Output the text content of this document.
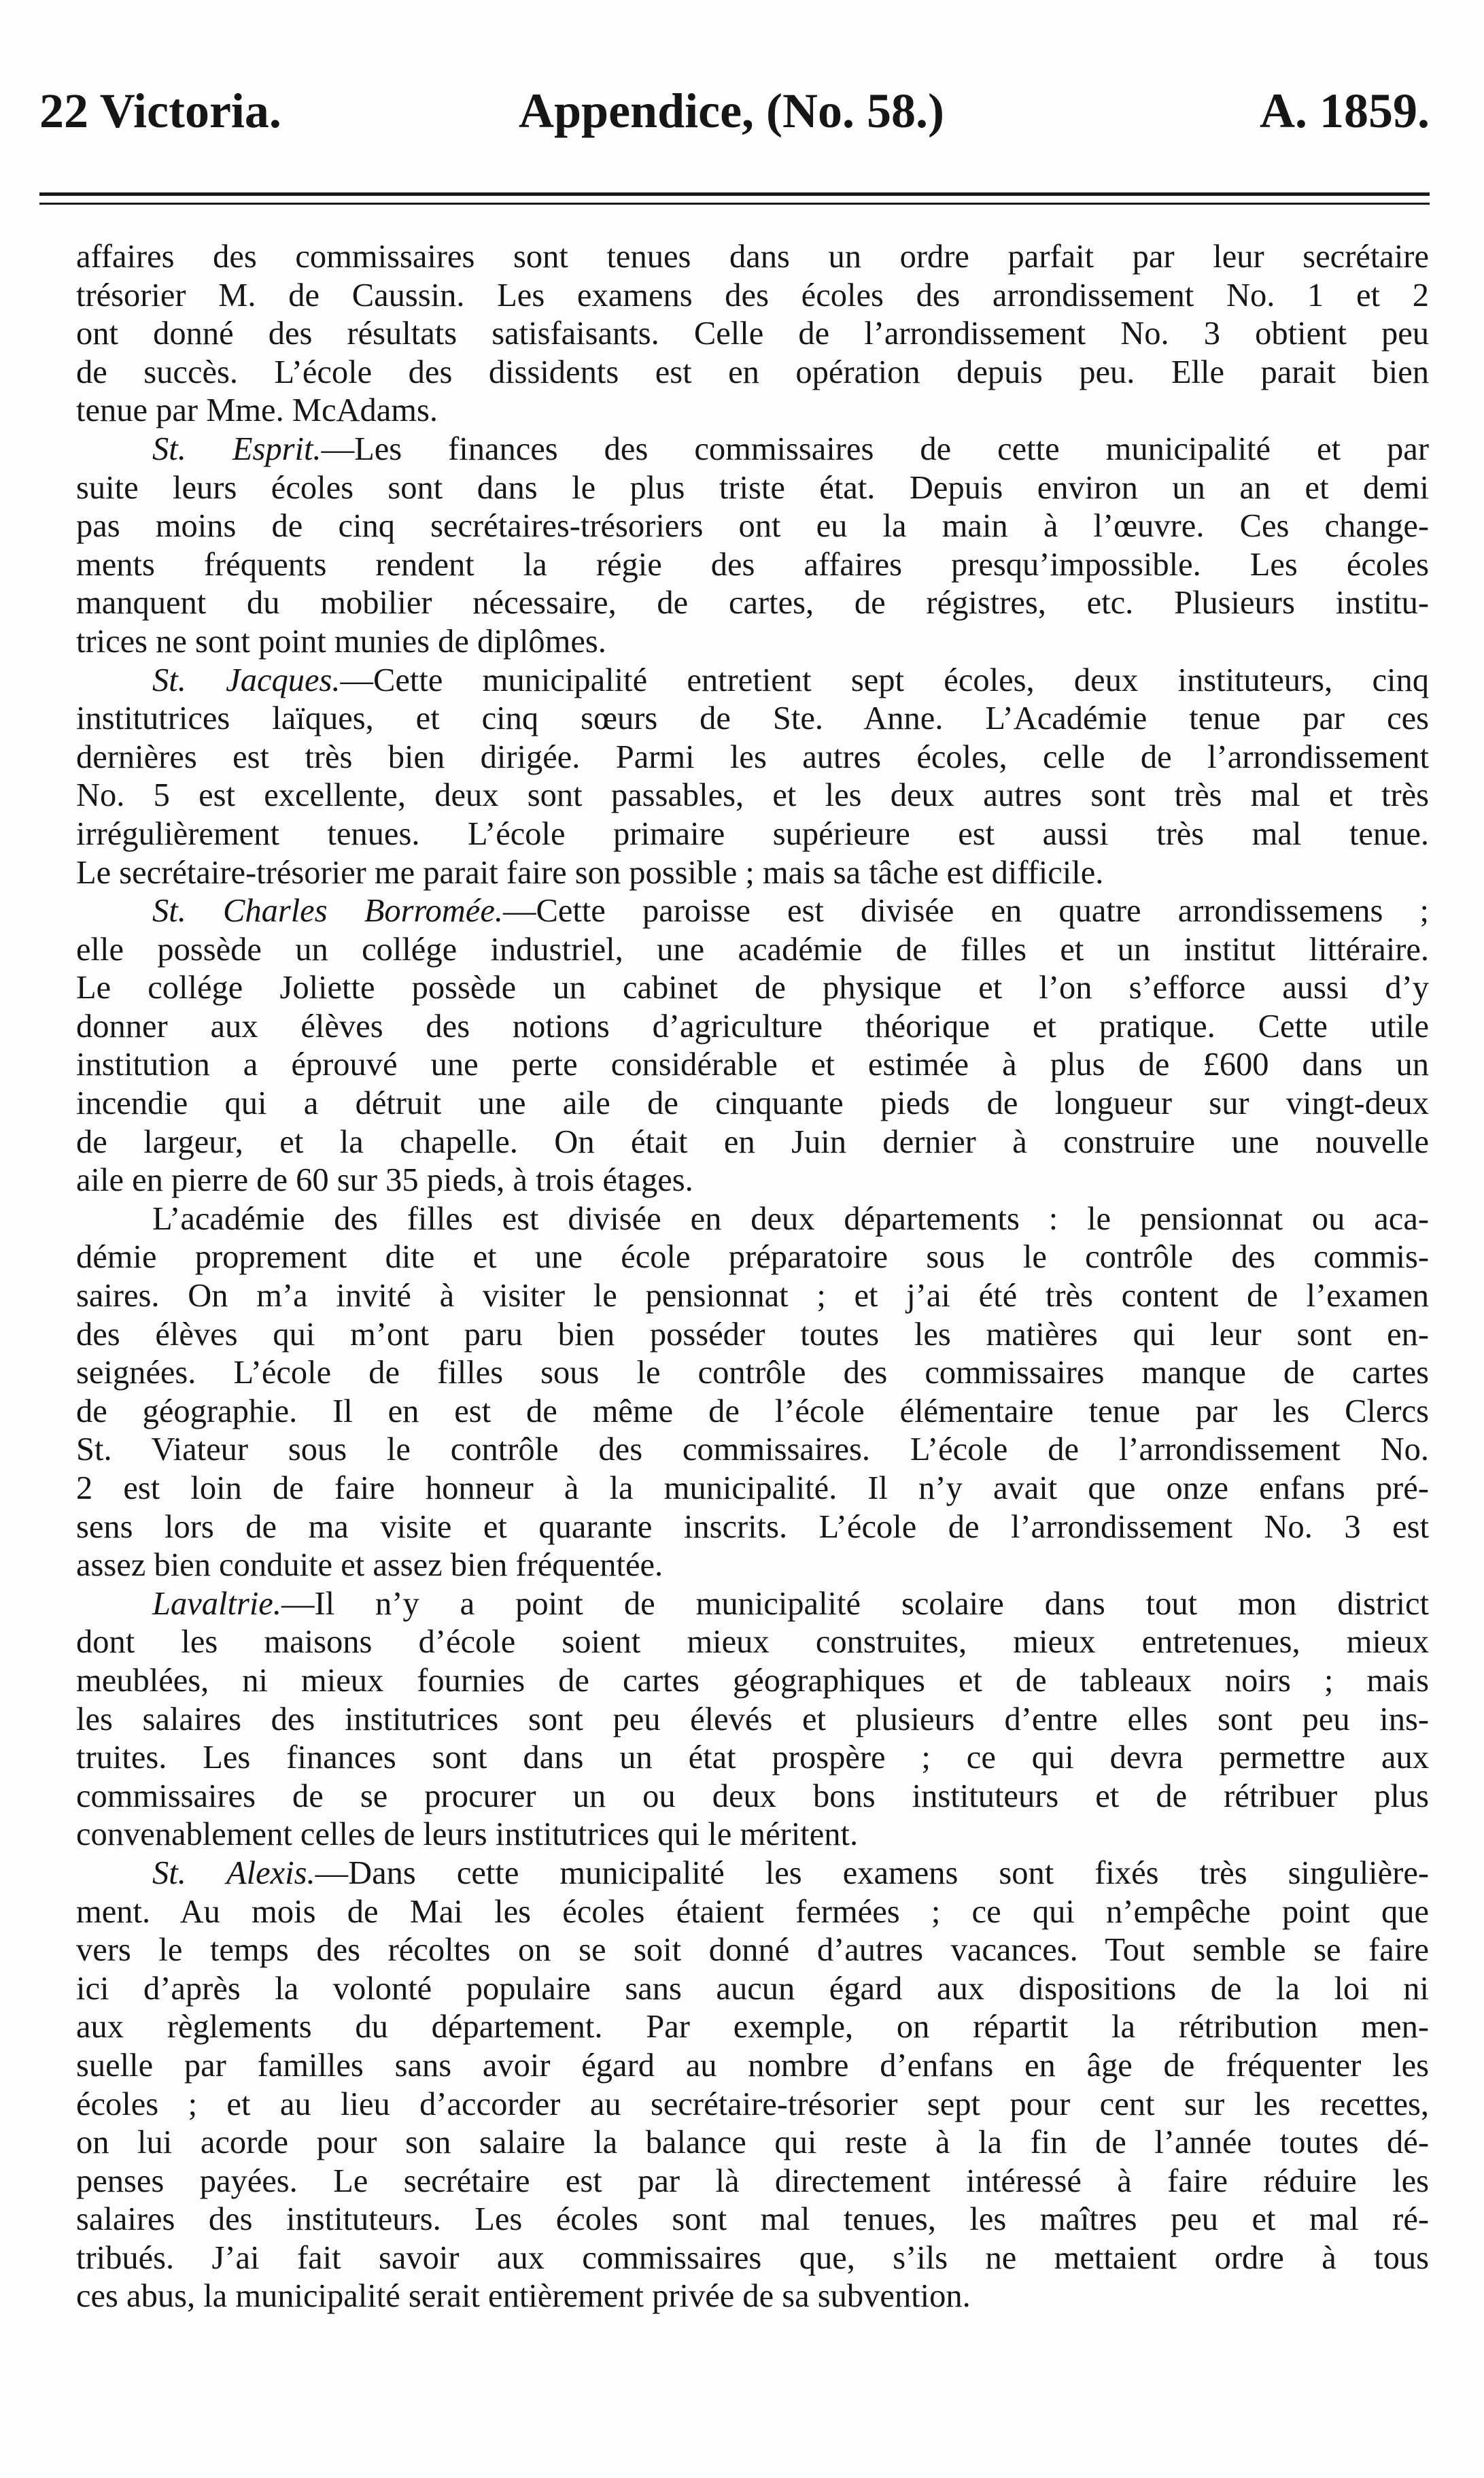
22 Victoria.	Appendice, (No. 58.)	A. 1859.
affaires des commissaires sont tenues dans un ordre parfait par leur secrétaire
trésorier M. de Caussin. Les examens des écoles des arrondissement No. 1 et 2
ont donné des résultats satisfaisants. Celle de l’arrondissement No. 3 obtient peu
de succès. L’école des dissidents est en opération depuis peu. Elle parait bien
tenue par Mme. McAdams.
St. Esprit.—Les finances des commissaires de cette municipalité et par
suite leurs écoles sont dans le plus triste état. Depuis environ un an et demi
pas moins de cinq secrétaires-trésoriers ont eu la main à l’œuvre. Ces change-
ments fréquents rendent la régie des affaires presqu’impossible. Les écoles
manquent du mobilier nécessaire, de cartes, de régistres, etc. Plusieurs institu-
trices ne sont point munies de diplômes.
St. Jacques.—Cette municipalité entretient sept écoles, deux instituteurs, cinq
institutrices laïques, et cinq sœurs de Ste. Anne. L’Académie tenue par ces
dernières est très bien dirigée. Parmi les autres écoles, celle de l’arrondissement
No. 5 est excellente, deux sont passables, et les deux autres sont très mal et très
irrégulièrement tenues. L’école primaire supérieure est aussi très mal tenue.
Le secrétaire-trésorier me parait faire son possible ; mais sa tâche est difficile.
St. Charles Borromée.—Cette paroisse est divisée en quatre arrondissemens ;
elle possède un collége industriel, une académie de filles et un institut littéraire.
Le collége Joliette possède un cabinet de physique et l’on s’efforce aussi d’y
donner aux élèves des notions d’agriculture théorique et pratique. Cette utile
institution a éprouvé une perte considérable et estimée à plus de £600 dans un
incendie qui a détruit une aile de cinquante pieds de longueur sur vingt-deux
de largeur, et la chapelle. On était en Juin dernier à construire une nouvelle
aile en pierre de 60 sur 35 pieds, à trois étages.
L’académie des filles est divisée en deux départements : le pensionnat ou aca-
démie proprement dite et une école préparatoire sous le contrôle des commis-
saires. On m’a invité à visiter le pensionnat ; et j’ai été très content de l’examen
des élèves qui m’ont paru bien posséder toutes les matières qui leur sont en-
seignées. L’école de filles sous le contrôle des commissaires manque de cartes
de géographie. Il en est de même de l’école élémentaire tenue par les Clercs
St. Viateur sous le contrôle des commissaires. L’école de l’arrondissement No.
2 est loin de faire honneur à la municipalité. Il n’y avait que onze enfans pré-
sens lors de ma visite et quarante inscrits. L’école de l’arrondissement No. 3 est
assez bien conduite et assez bien fréquentée.
Lavaltrie.—Il n’y a point de municipalité scolaire dans tout mon district
dont les maisons d’école soient mieux construites, mieux entretenues, mieux
meublées, ni mieux fournies de cartes géographiques et de tableaux noirs ; mais
les salaires des institutrices sont peu élevés et plusieurs d’entre elles sont peu ins-
truites. Les finances sont dans un état prospère ; ce qui devra permettre aux
commissaires de se procurer un ou deux bons instituteurs et de rétribuer plus
convenablement celles de leurs institutrices qui le méritent.
St. Alexis.—Dans cette municipalité les examens sont fixés très singulière-
ment. Au mois de Mai les écoles étaient fermées ; ce qui n’empêche point que
vers le temps des récoltes on se soit donné d’autres vacances. Tout semble se faire
ici d’après la volonté populaire sans aucun égard aux dispositions de la loi ni
aux règlements du département. Par exemple, on répartit la rétribution men-
suelle par familles sans avoir égard au nombre d’enfans en âge de fréquenter les
écoles ; et au lieu d’accorder au secrétaire-trésorier sept pour cent sur les recettes,
on lui acorde pour son salaire la balance qui reste à la fin de l’année toutes dé-
penses payées. Le secrétaire est par là directement intéressé à faire réduire les
salaires des instituteurs. Les écoles sont mal tenues, les maîtres peu et mal ré-
tribués. J’ai fait savoir aux commissaires que, s’ils ne mettaient ordre à tous
ces abus, la municipalité serait entièrement privée de sa subvention.
